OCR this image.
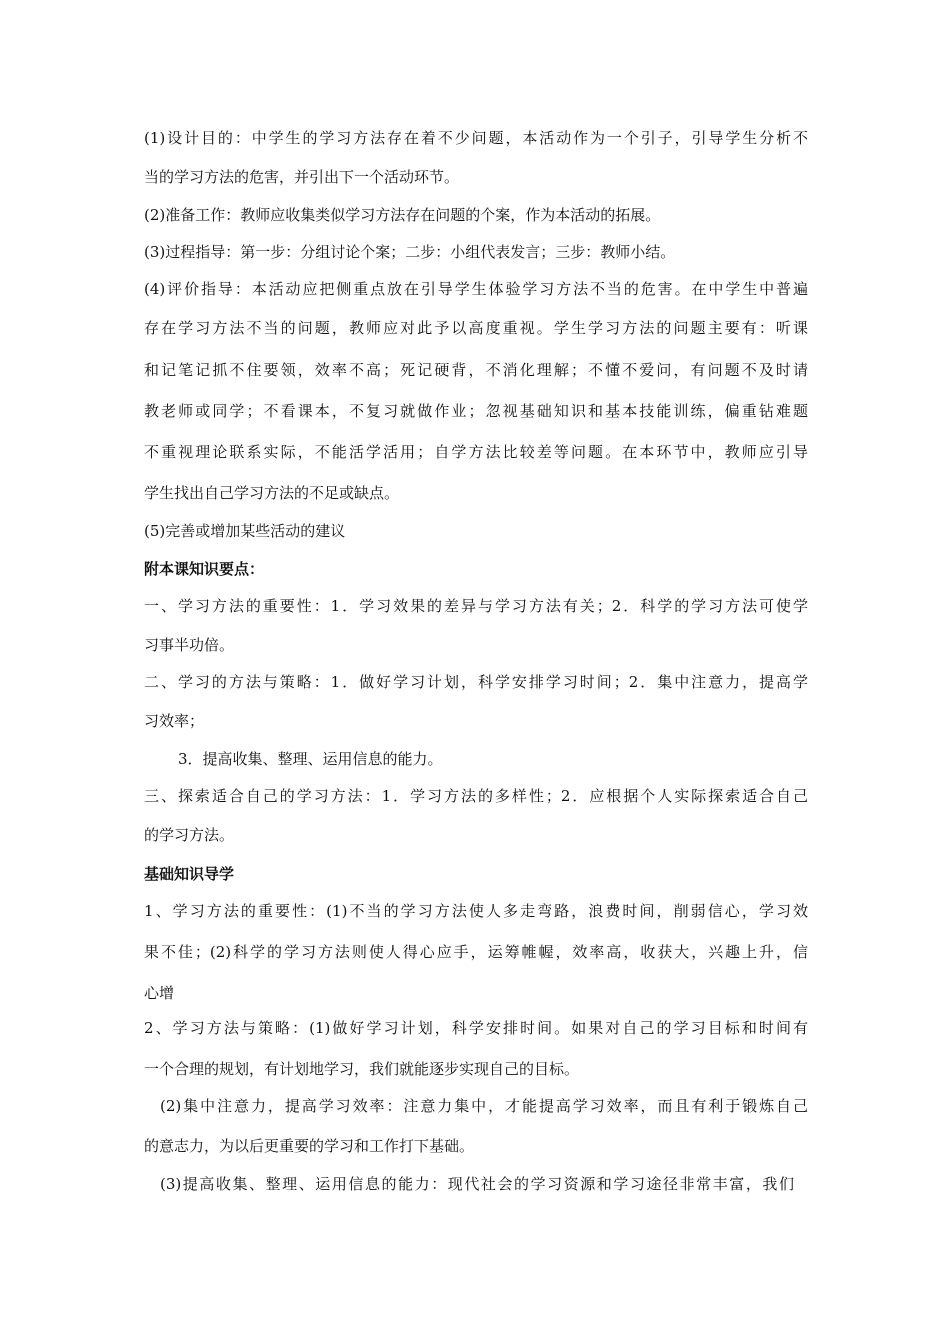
(1)设计目的：中学生的学习方法存在着不少问题，本活动作为一个引子，引导学生分析不
当的学习方法的危害，并引出下一个活动环节。
(2)准备工作：教师应收集类似学习方法存在问题的个案，作为本活动的拓展。
(3)过程指导：第一步：分组讨论个案；二步：小组代表发言；三步：教师小结。
(4)评价指导：本活动应把侧重点放在引导学生体验学习方法不当的危害。在中学生中普遍
存在学习方法不当的问题，教师应对此予以高度重视。学生学习方法的问题主要有：听课
和记笔记抓不住要领，效率不高；死记硬背，不消化理解；不懂不爱问，有问题不及时请
教老师或同学；不看课本，不复习就做作业；忽视基础知识和基本技能训练，偏重钻难题
不重视理论联系实际，不能活学活用；自学方法比较差等问题。在本环节中，教师应引导
学生找出自己学习方法的不足或缺点。
(5)完善或增加某些活动的建议
附本课知识要点：
一、学习方法的重要性：1．学习效果的差异与学习方法有关；2．科学的学习方法可使学
习事半功倍。
二、学习的方法与策略：1．做好学习计划，科学安排学习时间；2．集中注意力，提高学
习效率；
3．提高收集、整理、运用信息的能力。
三、探索适合自己的学习方法：1．学习方法的多样性；2．应根据个人实际探索适合自己
的学习方法。
基础知识导学
1、学习方法的重要性：(1)不当的学习方法使人多走弯路，浪费时间，削弱信心，学习效
果不佳；(2)科学的学习方法则使人得心应手，运筹帷幄，效率高，收获大，兴趣上升，信
心增
2、学习方法与策略：(1)做好学习计划，科学安排时间。如果对自己的学习目标和时间有
一个合理的规划，有计划地学习，我们就能逐步实现自己的目标。
(2)集中注意力，提高学习效率：注意力集中，才能提高学习效率，而且有利于锻炼自己
的意志力，为以后更重要的学习和工作打下基础。
(3)提高收集、整理、运用信息的能力：现代社会的学习资源和学习途径非常丰富，我们
